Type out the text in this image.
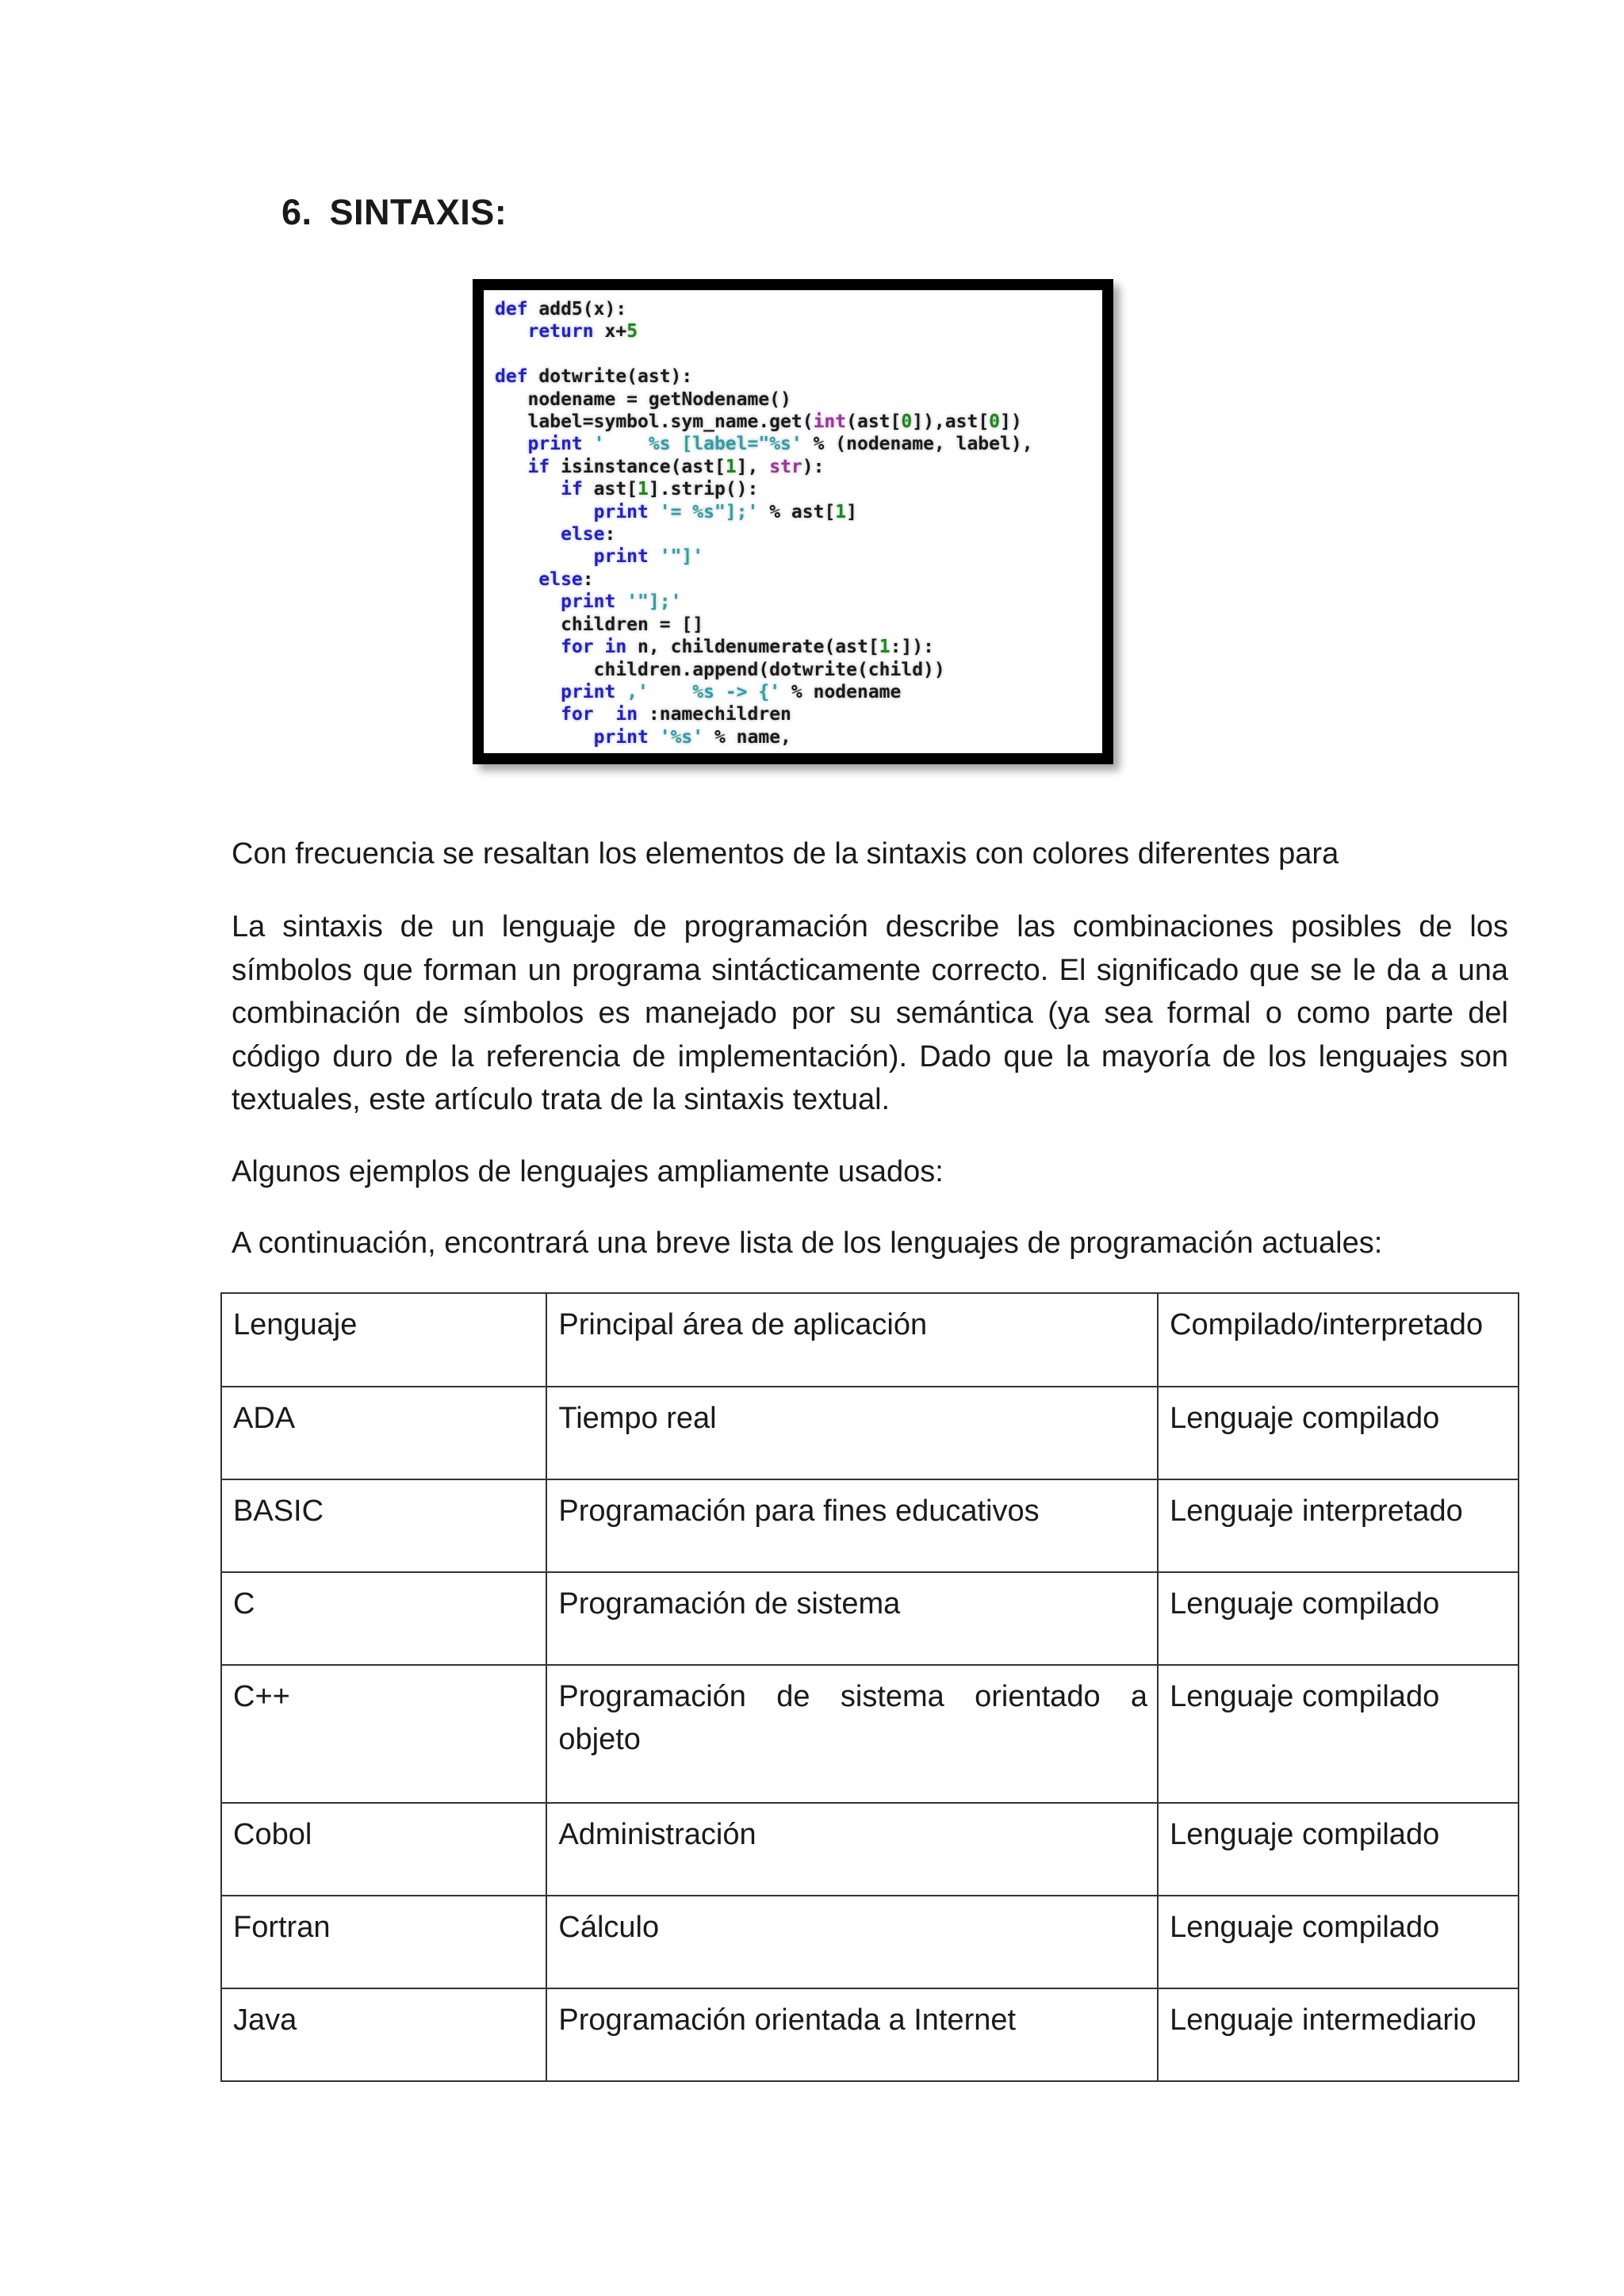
6. SINTAXIS:
def add5(x):
return x+5

def dotwrite(ast):
nodename = getNodename()
label=symbol.sym_name.get(int(ast[0]),ast[0])
print '    %s [label="%s' % (nodename, label),
if isinstance(ast[1], str):
if ast[1].strip():
print '= %s"];' % ast[1]
else:
print '"]'
else:
print '"];'
children = []
for in n, childenumerate(ast[1:]):
children.append(dotwrite(child))
print ,'    %s -> {' % nodename
for in :namechildren
print '%s' % name,

Con frecuencia se resaltan los elementos de la sintaxis con colores diferentes para

La sintaxis de un lenguaje de programación describe las combinaciones posibles de los símbolos que forman un programa sintácticamente correcto. El significado que se le da a una combinación de símbolos es manejado por su semántica (ya sea formal o como parte del código duro de la referencia de implementación). Dado que la mayoría de los lenguajes son textuales, este artículo trata de la sintaxis textual.

Algunos ejemplos de lenguajes ampliamente usados:

A continuación, encontrará una breve lista de los lenguajes de programación actuales:

Lenguaje	Principal área de aplicación	Compilado/interpretado
ADA	Tiempo real	Lenguaje compilado
BASIC	Programación para fines educativos	Lenguaje interpretado
C	Programación de sistema	Lenguaje compilado
C++	Programación de sistema orientado a objeto	Lenguaje compilado
Cobol	Administración	Lenguaje compilado
Fortran	Cálculo	Lenguaje compilado
Java	Programación orientada a Internet	Lenguaje intermediario
